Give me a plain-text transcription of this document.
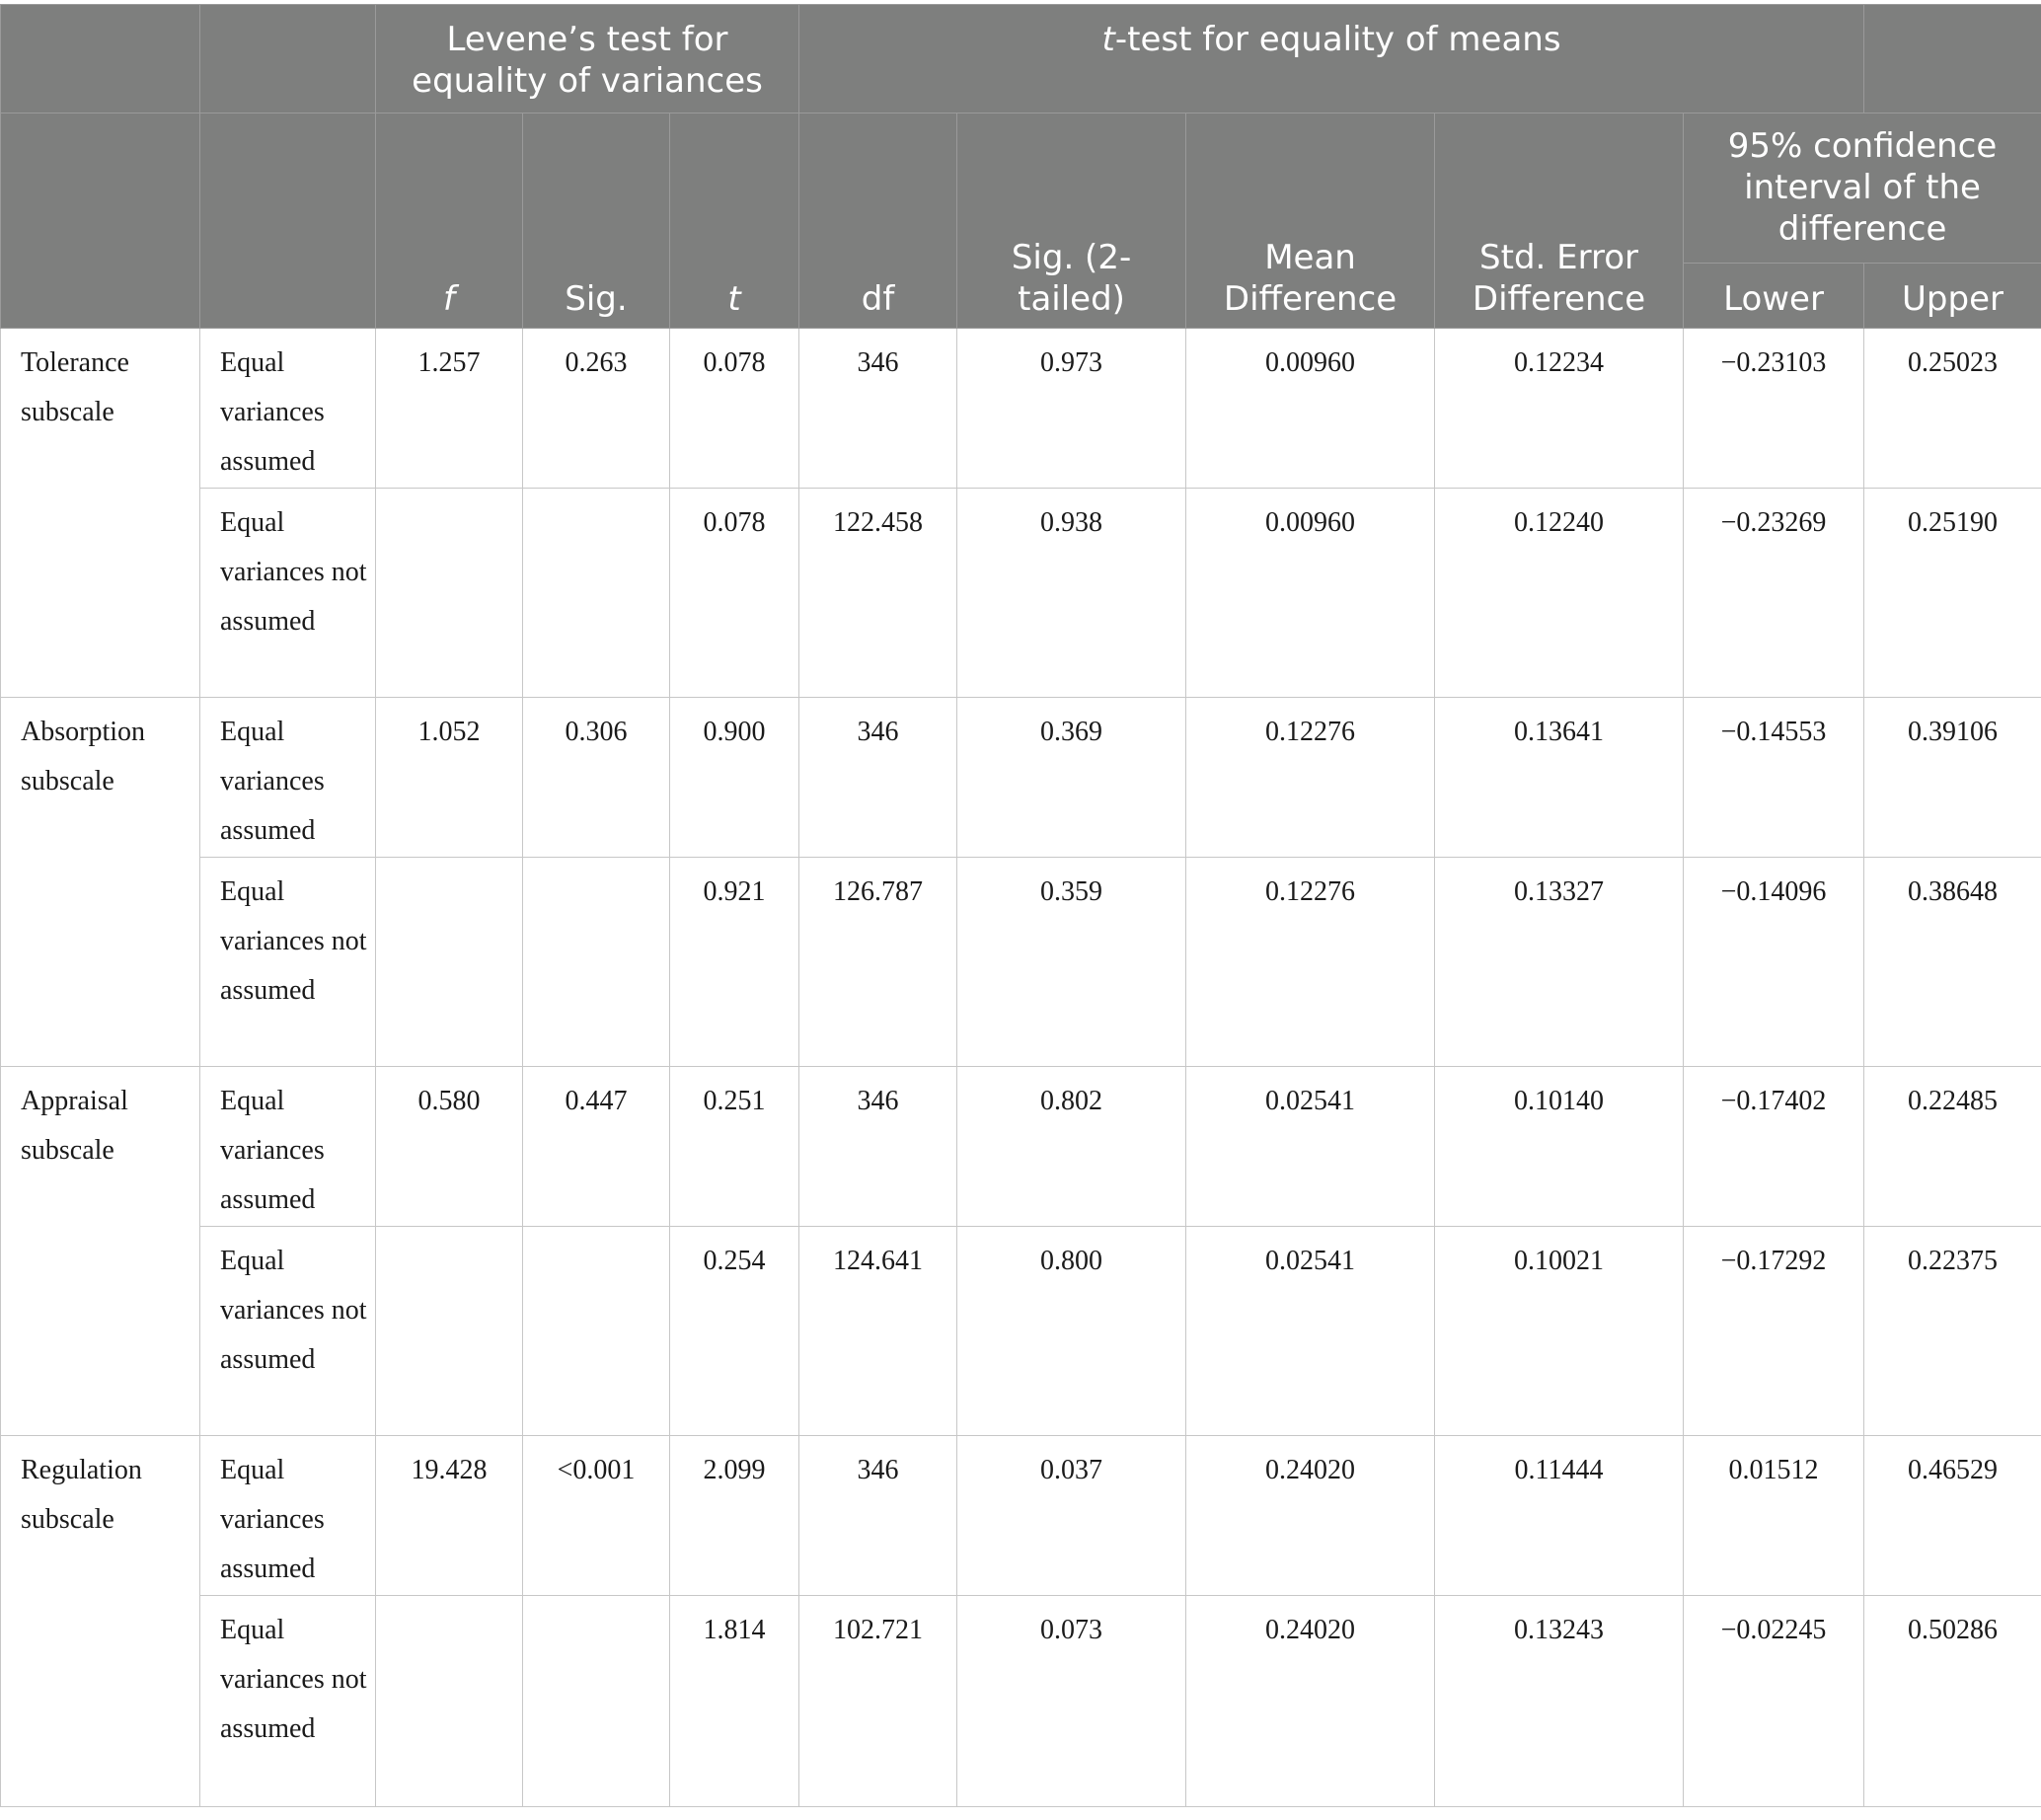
		Levene’s test for equality of variances			t-test for equality of means					
		f	Sig.	t	df	Sig. (2-tailed)	Mean Difference	Std. Error Difference	95% confidence interval of the difference	
									Lower	Upper
Tolerance subscale	Equal variances assumed	1.257	0.263	0.078	346	0.973	0.00960	0.12234	−0.23103	0.25023
	Equal variances not assumed			0.078	122.458	0.938	0.00960	0.12240	−0.23269	0.25190
Absorption subscale	Equal variances assumed	1.052	0.306	0.900	346	0.369	0.12276	0.13641	−0.14553	0.39106
	Equal variances not assumed			0.921	126.787	0.359	0.12276	0.13327	−0.14096	0.38648
Appraisal subscale	Equal variances assumed	0.580	0.447	0.251	346	0.802	0.02541	0.10140	−0.17402	0.22485
	Equal variances not assumed			0.254	124.641	0.800	0.02541	0.10021	−0.17292	0.22375
Regulation subscale	Equal variances assumed	19.428	<0.001	2.099	346	0.037	0.24020	0.11444	0.01512	0.46529
	Equal variances not assumed			1.814	102.721	0.073	0.24020	0.13243	−0.02245	0.50286
